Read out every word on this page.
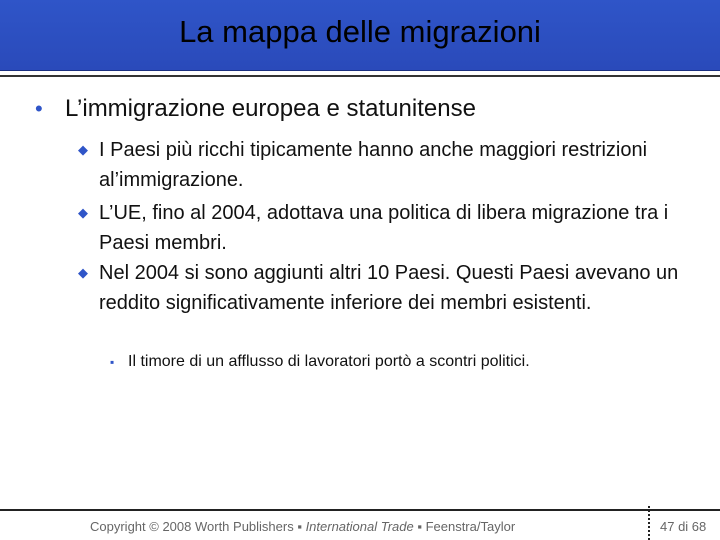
La mappa delle migrazioni
• L’immigrazione europea e statunitense
◆ I Paesi più ricchi tipicamente hanno anche maggiori restrizioni al’immigrazione.
◆ L’UE, fino al 2004, adottava una politica di libera migrazione tra i Paesi membri.
◆ Nel 2004 si sono aggiunti altri 10 Paesi. Questi Paesi avevano un reddito significativamente inferiore dei membri esistenti.
▪ Il timore di un afflusso di lavoratori portò a scontri politici.
Copyright © 2008 Worth Publishers ▪ International Trade ▪ Feenstra/Taylor	47 di 68
